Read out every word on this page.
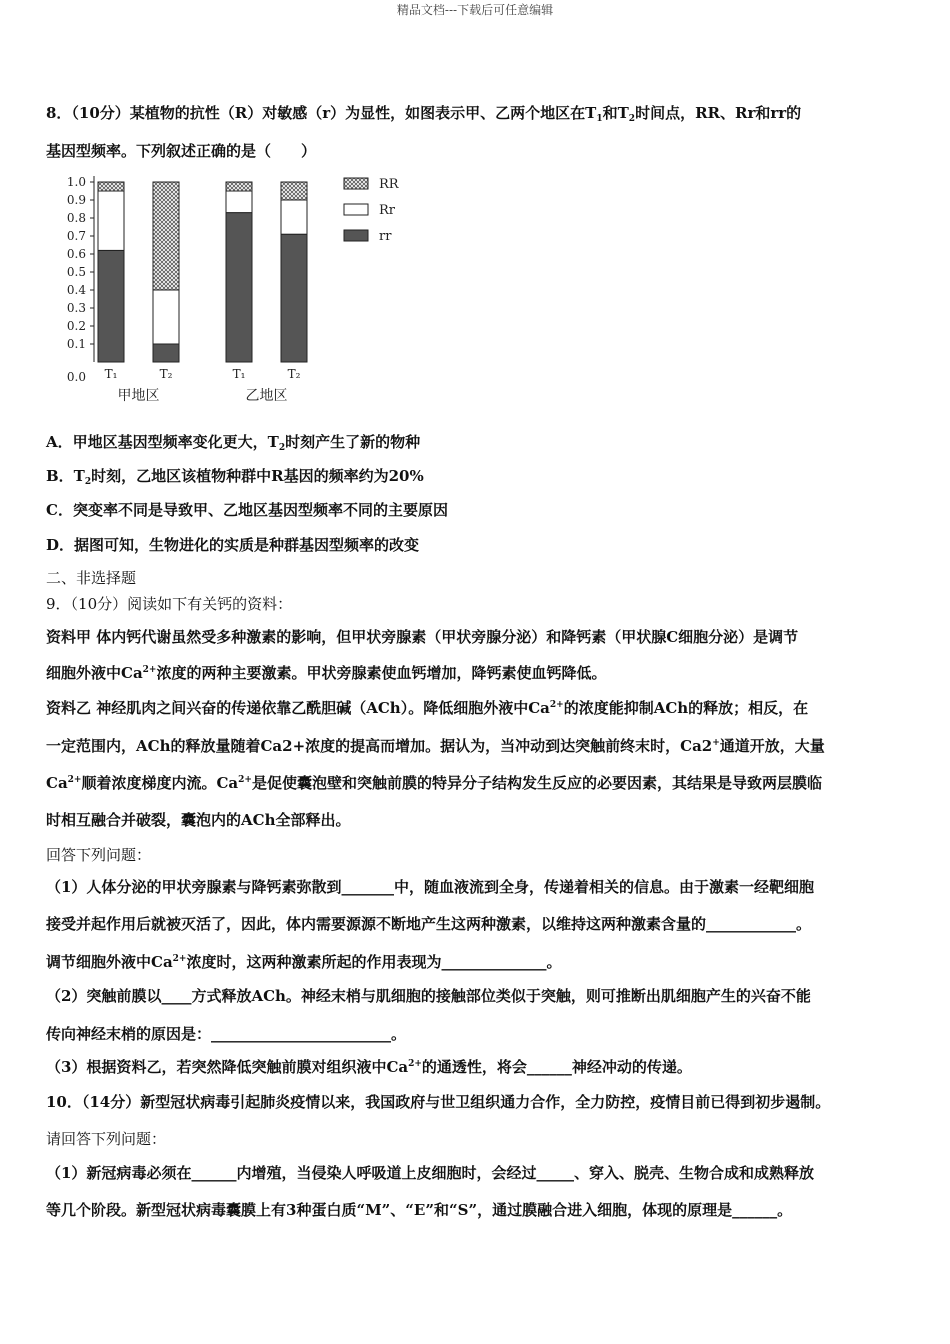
精品文档---下载后可任意编辑
8．（10分）某植物的抗性（R）对敏感（r）为显性，如图表示甲、乙两个地区在$T_1$和$T_2$时间点，RR、Rr和rr的
基因型频率。下列叙述正确的是（　　）
1.0
0.9
0.8
0.7
0.6
0.5
0.4
0.3
0.2
0.1
0.0 T₁	T₂	T₁	T₂
甲地区	乙地区
RR
Rr
rr
A．甲地区基因型频率变化更大，$T_2$时刻产生了新的物种
B．$T_2$时刻，乙地区该植物种群中R基因的频率约为20%
C．突变率不同是导致甲、乙地区基因型频率不同的主要原因
D．据图可知，生物进化的实质是种群基因型频率的改变
二、非选择题
9．（10分）阅读如下有关钙的资料：
资料甲 体内钙代谢虽然受多种激素的影响，但甲状旁腺素（甲状旁腺分泌）和降钙素（甲状腺C细胞分泌）是调节
细胞外液中$Ca^{2+}$浓度的两种主要激素。甲状旁腺素使血钙增加，降钙素使血钙降低。
资料乙 神经肌肉之间兴奋的传递依靠乙酰胆碱（ACh）。降低细胞外液中$Ca^{2+}$的浓度能抑制ACh的释放；相反，在
一定范围内，ACh的释放量随着Ca2+浓度的提高而增加。据认为，当冲动到达突触前终末时，Ca2+通道开放，大量
$Ca^{2+}$顺着浓度梯度内流。$Ca^{2+}$是促使囊泡壁和突触前膜的特异分子结构发生反应的必要因素，其结果是导致两层膜临
时相互融合并破裂，囊泡内的ACh全部释出。
回答下列问题：
（1）人体分泌的甲状旁腺素与降钙素弥散到_______中，随血液流到全身，传递着相关的信息。由于激素一经靶细胞
接受并起作用后就被灭活了，因此，体内需要源源不断地产生这两种激素，以维持这两种激素含量的____________。
调节细胞外液中$Ca^{2+}$浓度时，这两种激素所起的作用表现为______________。
（2）突触前膜以____方式释放ACh。神经末梢与肌细胞的接触部位类似于突触，则可推断出肌细胞产生的兴奋不能
传向神经末梢的原因是：________________________。
（3）根据资料乙，若突然降低突触前膜对组织液中$Ca^{2+}$的通透性，将会______神经冲动的传递。
10．（14分）新型冠状病毒引起肺炎疫情以来，我国政府与世卫组织通力合作，全力防控，疫情目前已得到初步遏制。
请回答下列问题：
（1）新冠病毒必须在______内增殖，当侵染人呼吸道上皮细胞时，会经过_____、穿入、脱壳、生物合成和成熟释放
等几个阶段。新型冠状病毒囊膜上有3种蛋白质“M”、“E”和“S”，通过膜融合进入细胞，体现的原理是______。
